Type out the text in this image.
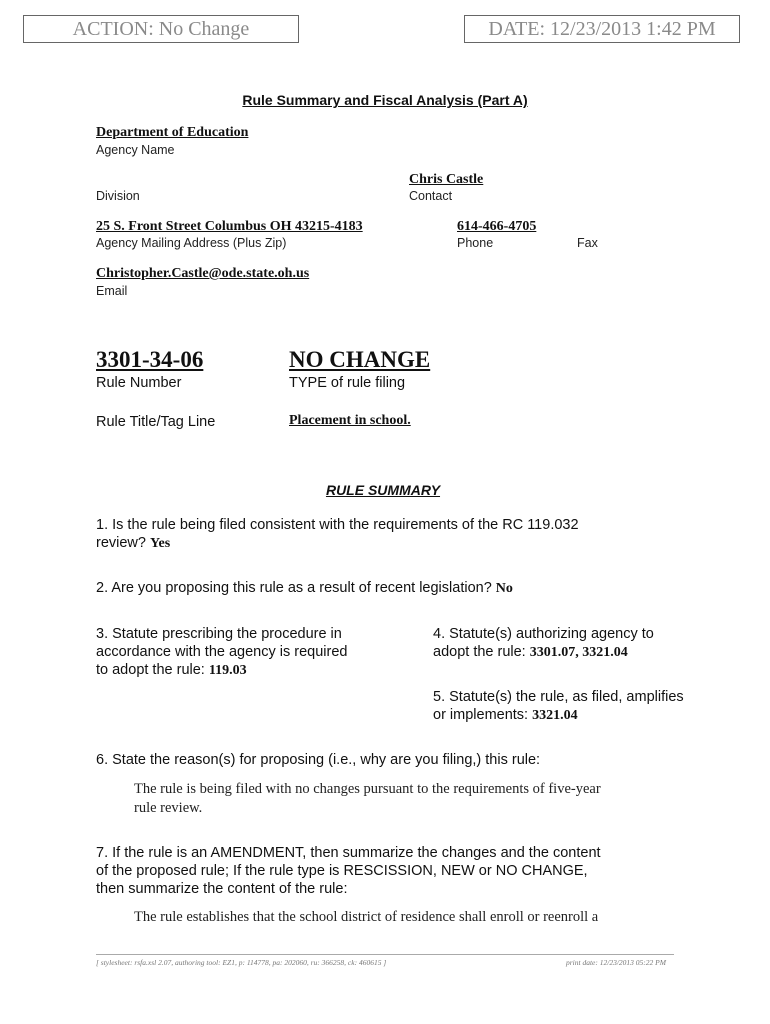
ACTION: No Change	DATE: 12/23/2013 1:42 PM
Rule Summary and Fiscal Analysis (Part A)
Department of Education
Agency Name
Chris Castle
Division	Contact
25 S. Front Street Columbus OH 43215-4183	614-466-4705
Agency Mailing Address (Plus Zip)	Phone	Fax
Christopher.Castle@ode.state.oh.us
Email
3301-34-06	NO CHANGE
Rule Number	TYPE of rule filing
Rule Title/Tag Line	Placement in school.
RULE SUMMARY
1. Is the rule being filed consistent with the requirements of the RC 119.032
review? Yes
2. Are you proposing this rule as a result of recent legislation? No
3. Statute prescribing the procedure in
accordance with the agency is required
to adopt the rule: 119.03
4. Statute(s) authorizing agency to
adopt the rule: 3301.07, 3321.04
5. Statute(s) the rule, as filed, amplifies
or implements: 3321.04
6. State the reason(s) for proposing (i.e., why are you filing,) this rule:
The rule is being filed with no changes pursuant to the requirements of five-year
rule review.
7. If the rule is an AMENDMENT, then summarize the changes and the content
of the proposed rule; If the rule type is RESCISSION, NEW or NO CHANGE,
then summarize the content of the rule:
The rule establishes that the school district of residence shall enroll or reenroll a
[ stylesheet: rsfa.xsl 2.07, authoring tool: EZ1, p: 114778, pa: 202060, ru: 366258, ck: 460615 ]	print date: 12/23/2013 05:22 PM
